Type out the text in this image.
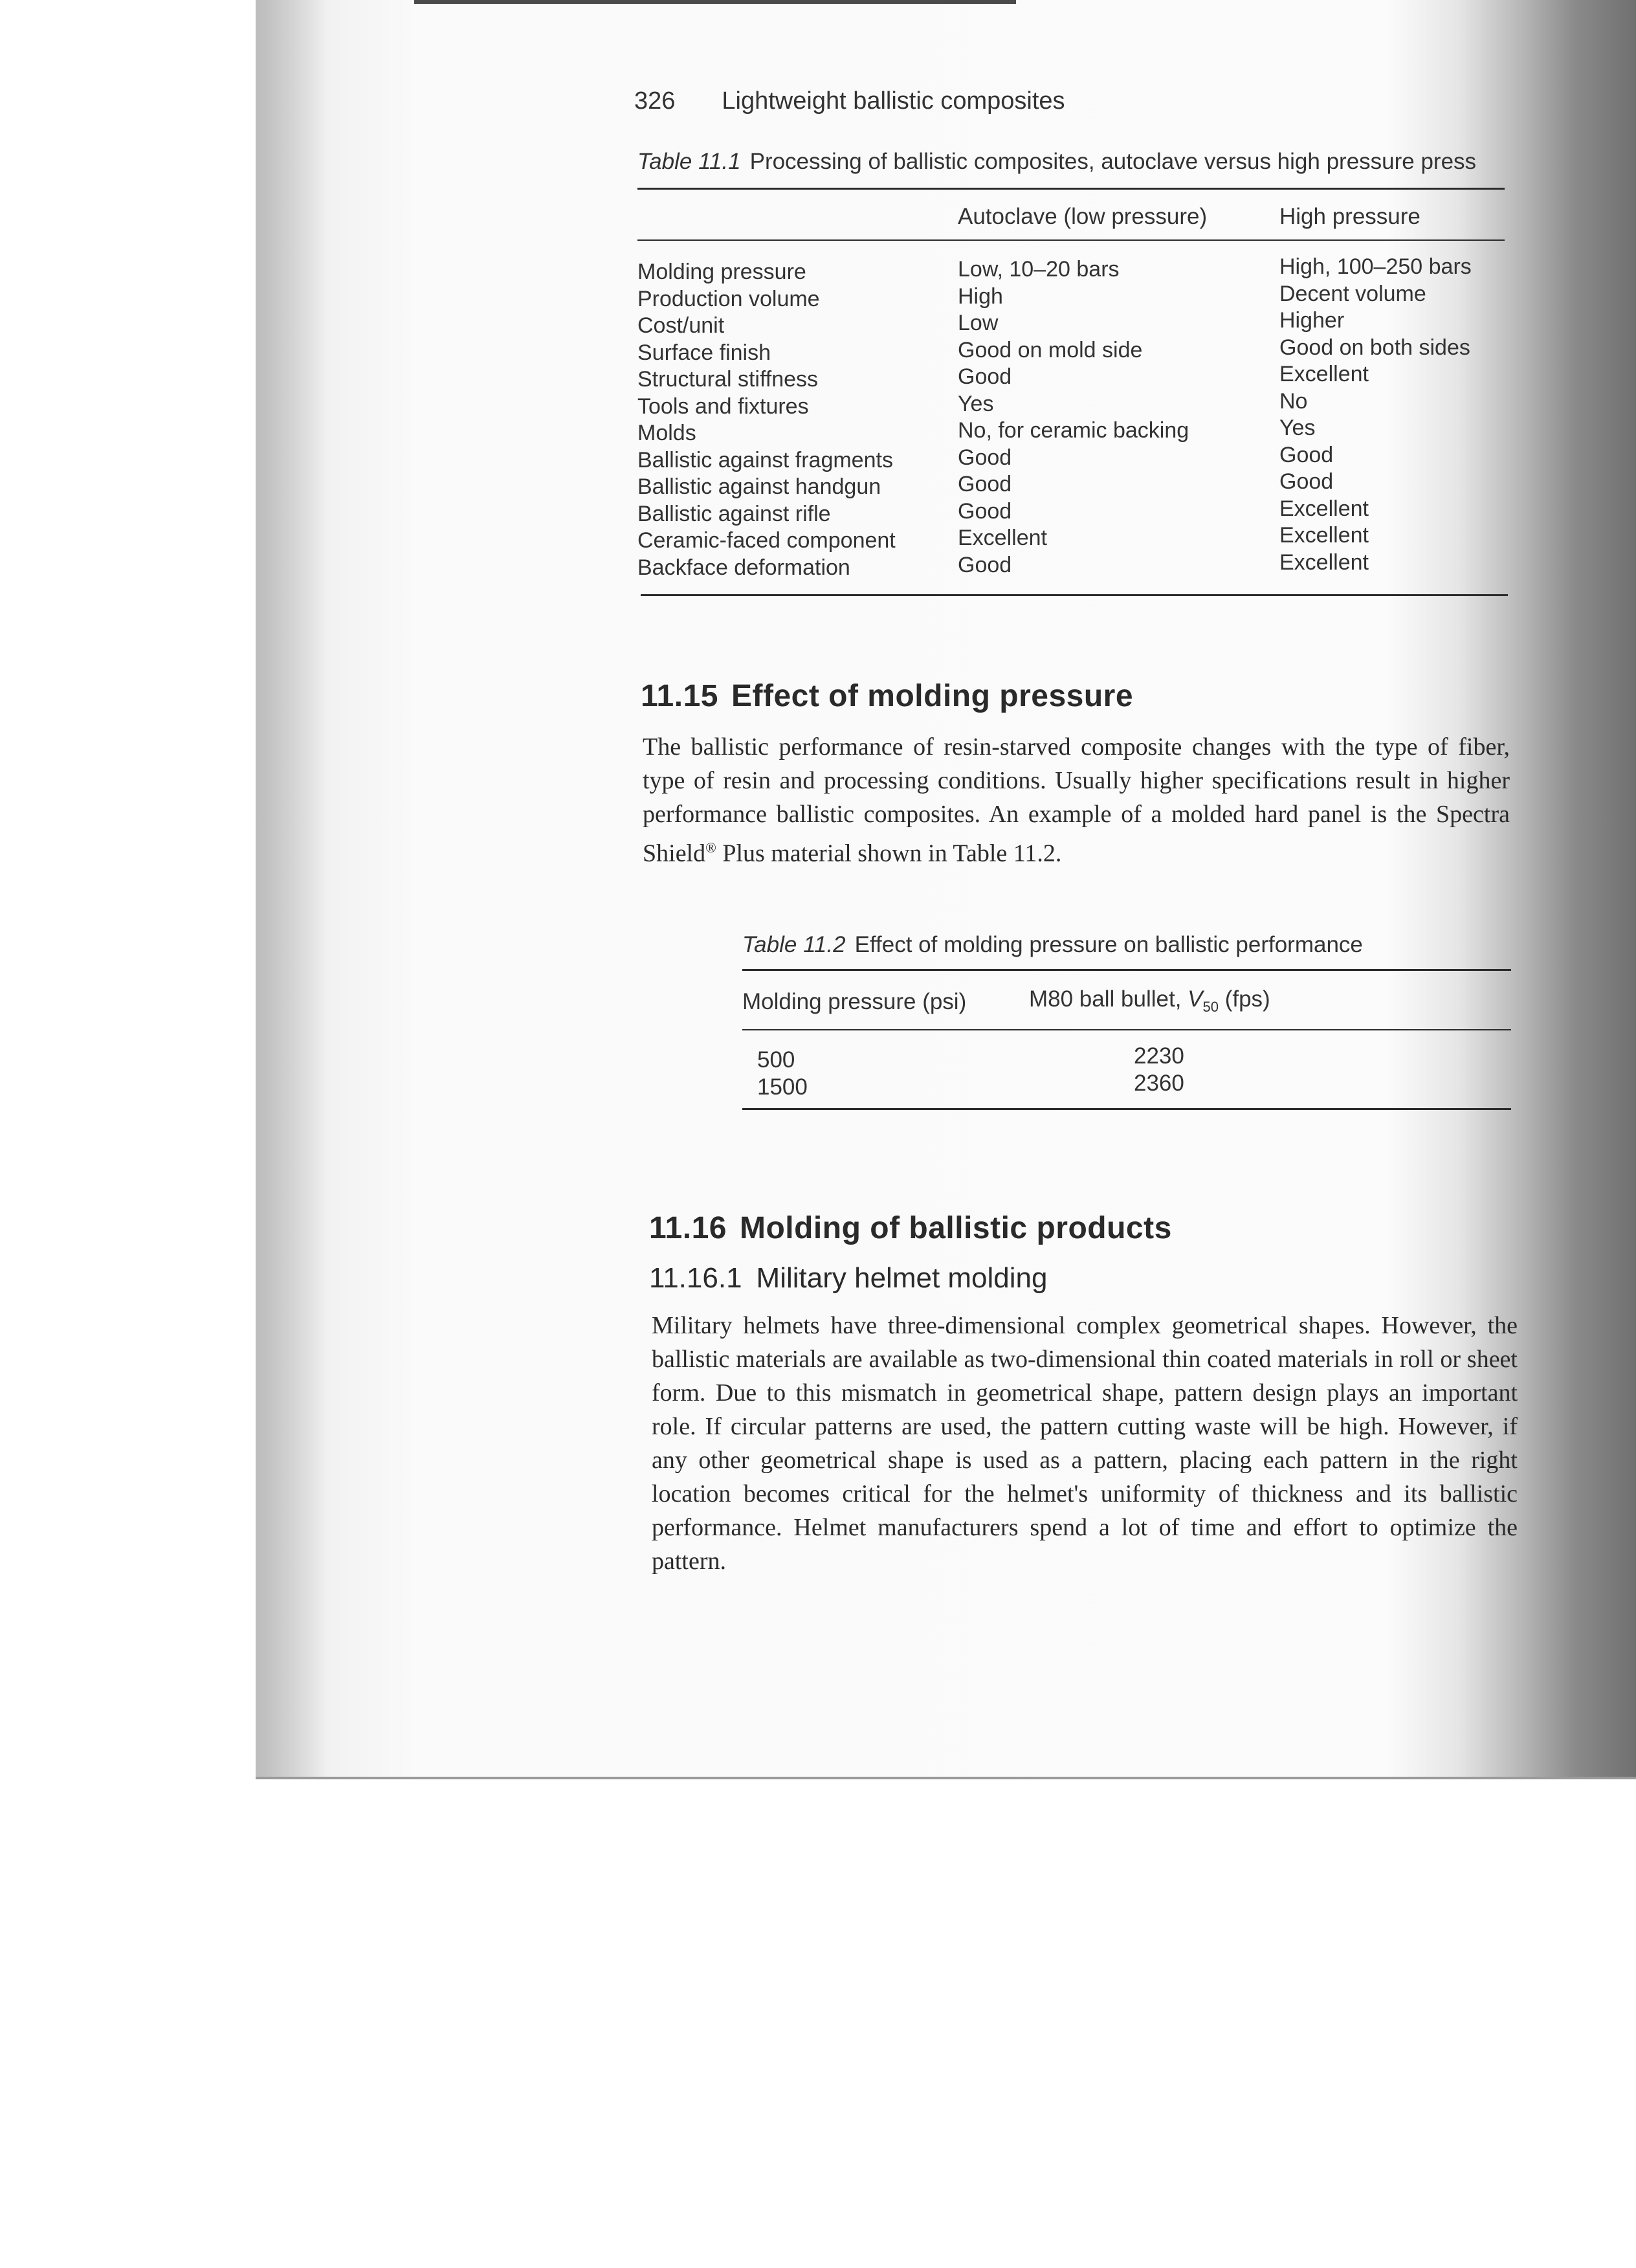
326 Lightweight ballistic composites
Table 11.1 Processing of ballistic composites, autoclave versus high pressure press
Autoclave (low pressure)	High pressure
Molding pressure
Production volume
Cost/unit
Surface finish
Structural stiffness
Tools and fixtures
Molds
Ballistic against fragments
Ballistic against handgun
Ballistic against rifle
Ceramic-faced component
Backface deformation
Low, 10–20 bars
High
Low
Good on mold side
Good
Yes
No, for ceramic backing
Good
Good
Good
Excellent
Good
High, 100–250 bars
Decent volume
Higher
Good on both sides
Excellent
No
Yes
Good
Good
Excellent
Excellent
Excellent
11.15 Effect of molding pressure
The ballistic performance of resin-starved composite changes with the type of fiber, type of resin and processing conditions. Usually higher specifications result in higher performance ballistic composites. An example of a molded hard panel is the Spectra Shield® Plus material shown in Table 11.2.
Table 11.2 Effect of molding pressure on ballistic performance
Molding pressure (psi)	M80 ball bullet, $V_{50}$ (fps)
500
1500
2230
2360
11.16 Molding of ballistic products
11.16.1 Military helmet molding
Military helmets have three-dimensional complex geometrical shapes. However, the ballistic materials are available as two-dimensional thin coated materials in roll or sheet form. Due to this mismatch in geometrical shape, pattern design plays an important role. If circular patterns are used, the pattern cutting waste will be high. However, if any other geometrical shape is used as a pattern, placing each pattern in the right location becomes critical for the helmet's uniformity of thickness and its ballistic performance. Helmet manufacturers spend a lot of time and effort to optimize the pattern.
